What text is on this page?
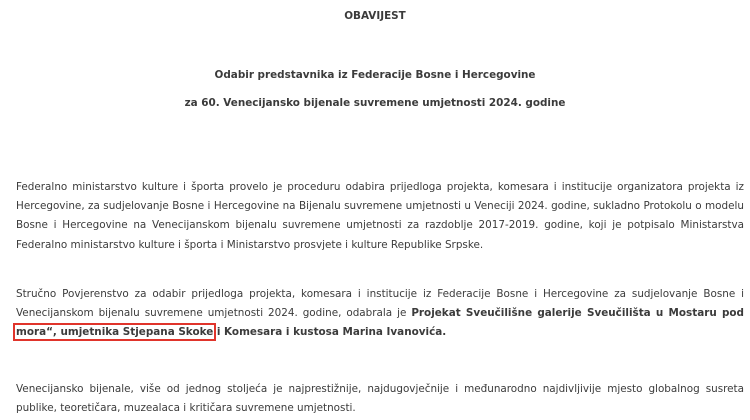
OBAVIJEST
Odabir predstavnika iz Federacije Bosne i Hercegovine
za 60. Venecijansko bijenale suvremene umjetnosti 2024. godine

Federalno ministarstvo kulture i športa provelo je proceduru odabira prijedloga projekta, komesara i institucije organizatora projekta iz
Hercegovine, za sudjelovanje Bosne i Hercegovine na Bijenalu suvremene umjetnosti u Veneciji 2024. godine, sukladno Protokolu o modelu
Bosne i Hercegovine na Venecijanskom bijenalu suvremene umjetnosti za razdoblje 2017-2019. godine, koji je potpisalo Ministarstva
Federalno ministarstvo kulture i športa i Ministarstvo prosvjete i kulture Republike Srpske.

Stručno Povjerenstvo za odabir prijedloga projekta, komesara i institucije iz Federacije Bosne i Hercegovine za sudjelovanje Bosne i
Venecijanskom bijenalu suvremene umjetnosti 2024. godine, odabrala je Projekat Sveučilišne galerije Sveučilišta u Mostaru pod
mora“, umjetnika Stjepana Skoke i Komesara i kustosa Marina Ivanovića.

Venecijansko bijenale, više od jednog stoljeća je najprestižnije, najdugovječnije i međunarodno najdivljivije mjesto globalnog susreta
publike, teoretičara, muzealaca i kritičara suvremene umjetnosti.
